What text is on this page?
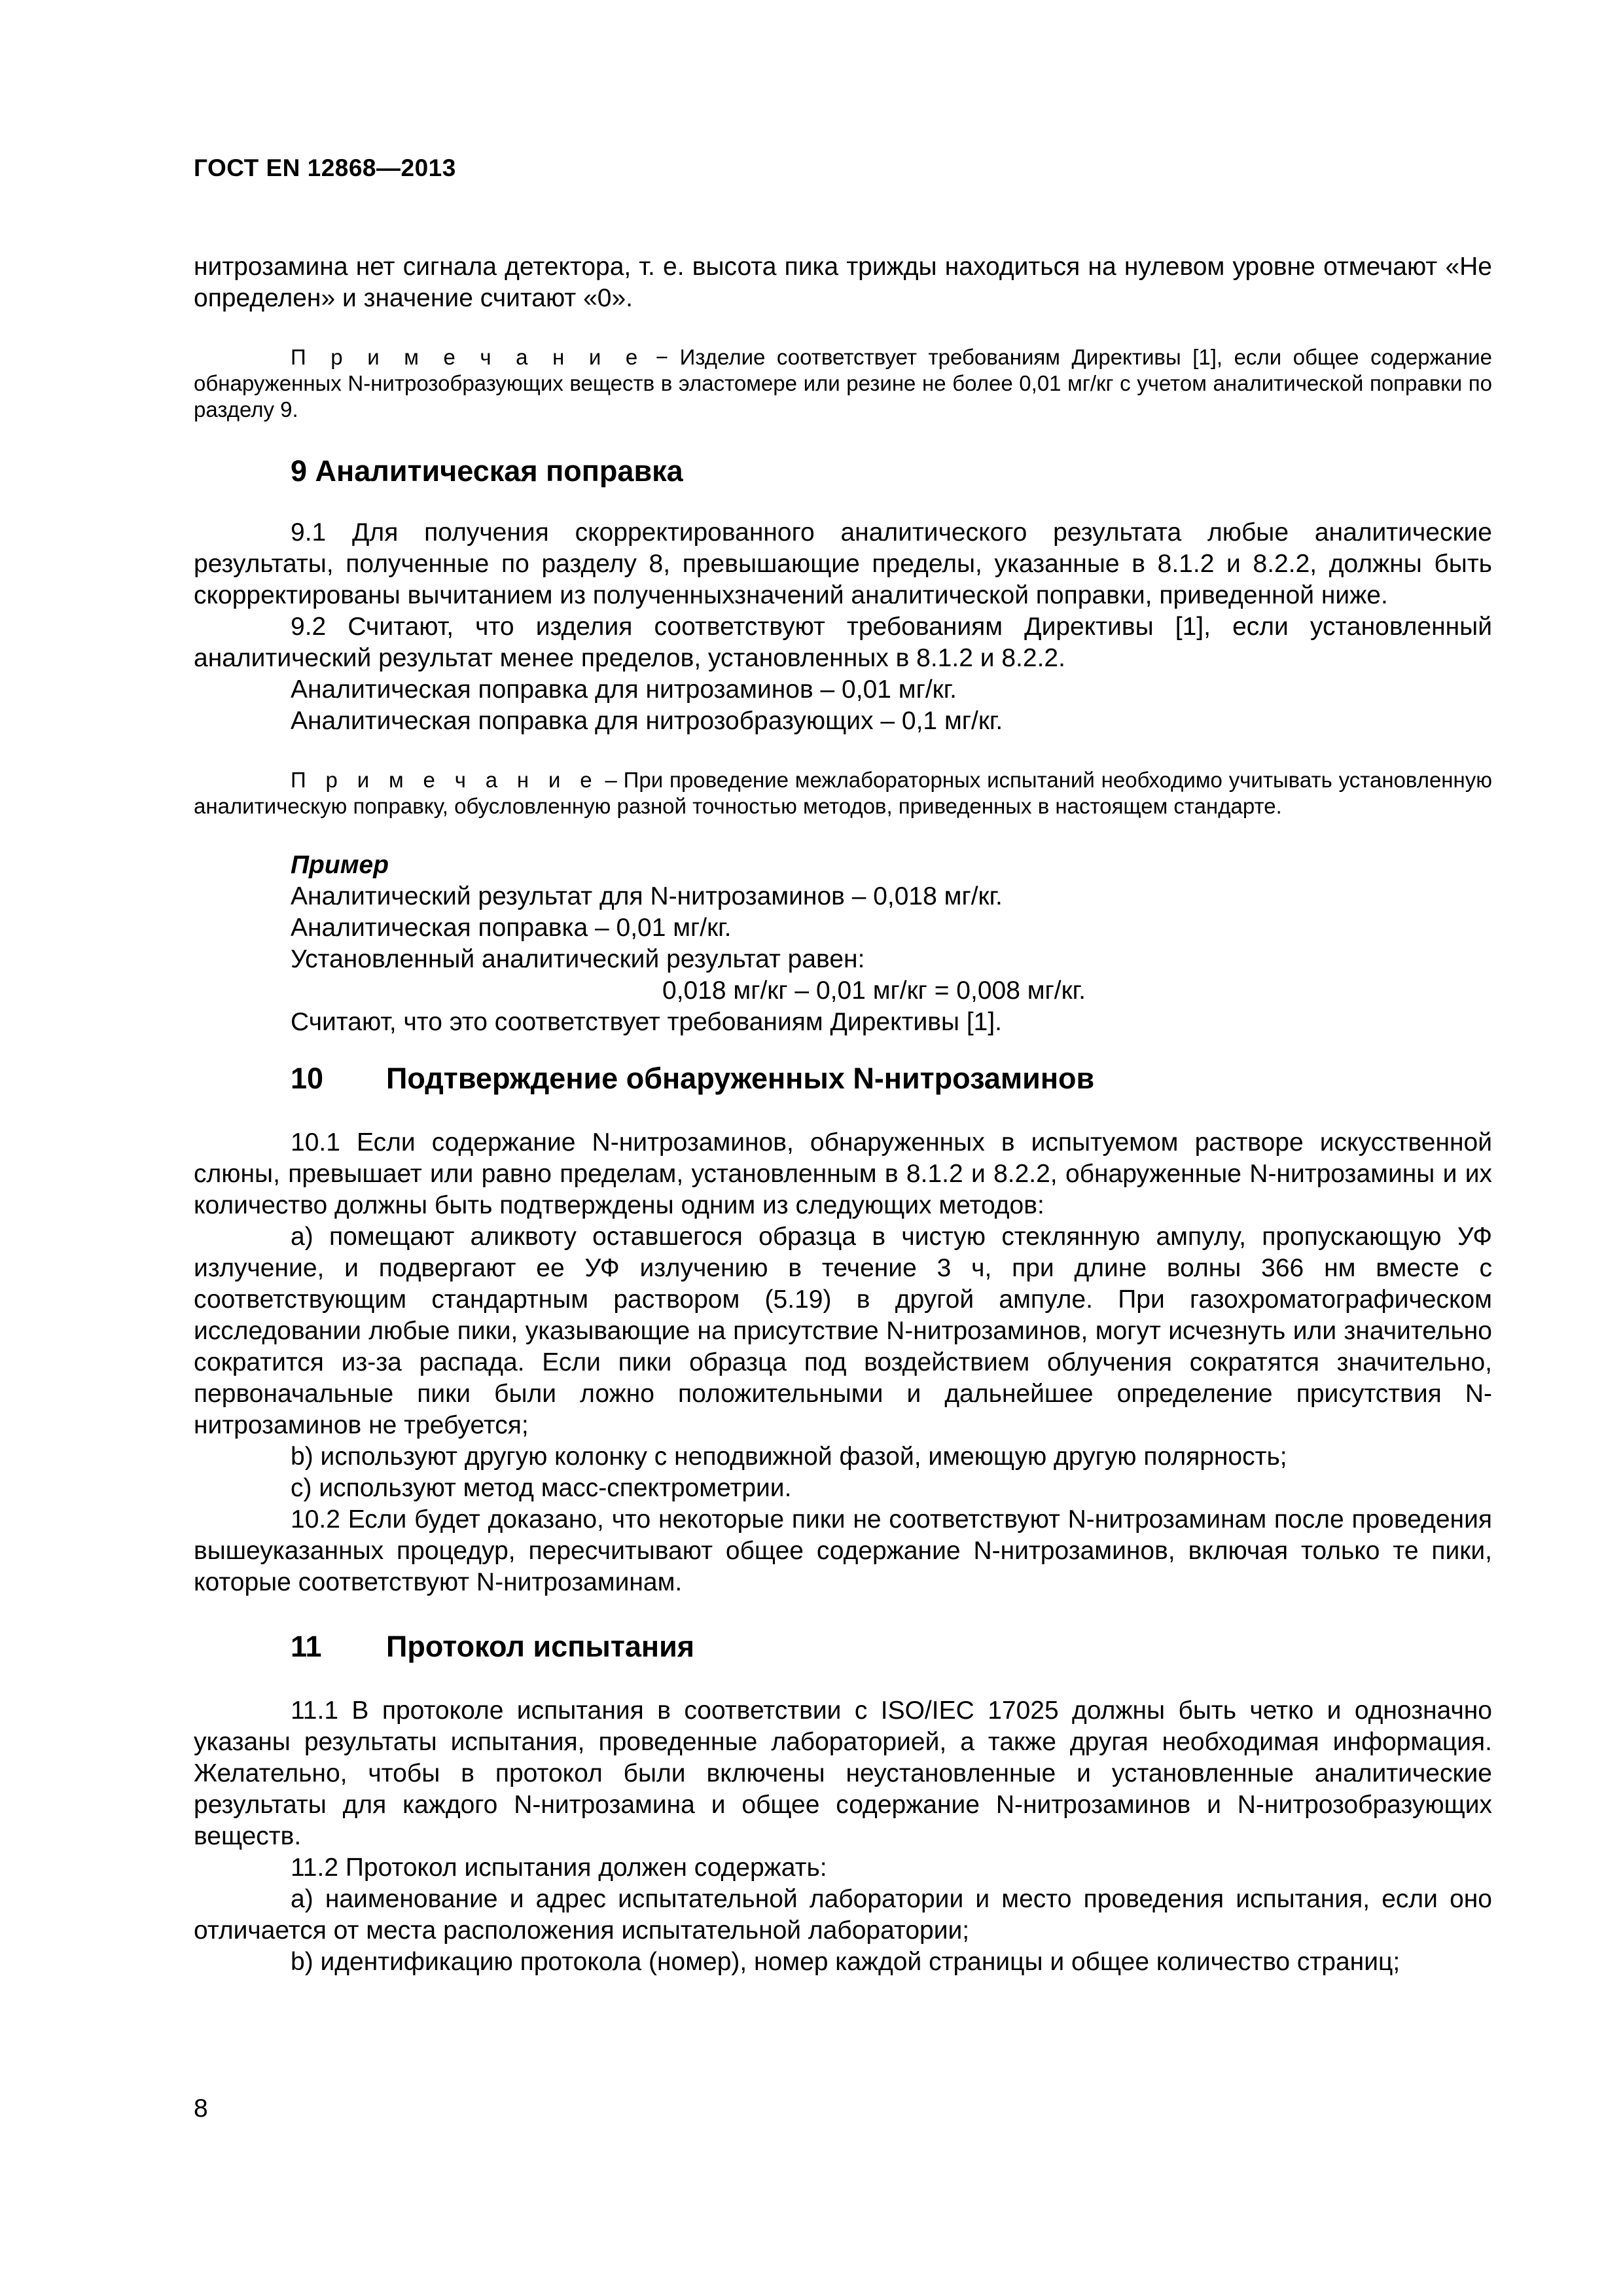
ГОСТ EN 12868—2013

нитрозамина нет сигнала детектора, т. е. высота пика трижды находиться на нулевом уровне отмечают «Не определен» и значение считают «0».

П р и м е ч а н и е − Изделие соответствует требованиям Директивы [1], если общее содержание обнаруженных N-нитрозобразующих веществ в эластомере или резине не более 0,01 мг/кг с учетом аналитической поправки по разделу 9.

9 Аналитическая поправка

9.1 Для получения скорректированного аналитического результата любые аналитические результаты, полученные по разделу 8, превышающие пределы, указанные в 8.1.2 и 8.2.2, должны быть скорректированы вычитанием из полученныхзначений аналитической поправки, приведенной ниже.

9.2 Считают, что изделия соответствуют требованиям Директивы [1], если установленный аналитический результат менее пределов, установленных в 8.1.2 и 8.2.2.

Аналитическая поправка для нитрозаминов – 0,01 мг/кг.

Аналитическая поправка для нитрозобразующих – 0,1 мг/кг.

П р и м е ч а н и е – При проведение межлабораторных испытаний необходимо учитывать установленную аналитическую поправку, обусловленную разной точностью методов, приведенных в настоящем стандарте.

Пример

Аналитический результат для N-нитрозаминов – 0,018 мг/кг.

Аналитическая поправка – 0,01 мг/кг.

Установленный аналитический результат равен:

0,018 мг/кг – 0,01 мг/кг = 0,008 мг/кг.

Считают, что это соответствует требованиям Директивы [1].

10	Подтверждение обнаруженных N-нитрозаминов

10.1 Если содержание N-нитрозаминов, обнаруженных в испытуемом растворе искусственной слюны, превышает или равно пределам, установленным в 8.1.2 и 8.2.2, обнаруженные N-нитрозамины и их количество должны быть подтверждены одним из следующих методов:

а) помещают аликвоту оставшегося образца в чистую стеклянную ампулу, пропускающую УФ излучение, и подвергают ее УФ излучению в течение 3 ч, при длине волны 366 нм вместе с соответствующим стандартным раствором (5.19) в другой ампуле. При газохроматографическом исследовании любые пики, указывающие на присутствие N-нитрозаминов, могут исчезнуть или значительно сократится из-за распада. Если пики образца под воздействием облучения сократятся значительно, первоначальные пики были ложно положительными и дальнейшее определение присутствия N-нитрозаминов не требуется;

b) используют другую колонку с неподвижной фазой, имеющую другую полярность;

c) используют метод масс-спектрометрии.

10.2 Если будет доказано, что некоторые пики не соответствуют N-нитрозаминам после проведения вышеуказанных процедур, пересчитывают общее содержание N-нитрозаминов, включая только те пики, которые соответствуют N-нитрозаминам.

11	Протокол испытания

11.1 В протоколе испытания в соответствии с ISO/IEC 17025 должны быть четко и однозначно указаны результаты испытания, проведенные лабораторией, а также другая необходимая информация. Желательно, чтобы в протокол были включены неустановленные и установленные аналитические результаты для каждого N-нитрозамина и общее содержание N-нитрозаминов и N-нитрозобразующих веществ.

11.2 Протокол испытания должен содержать:

а) наименование и адрес испытательной лаборатории и место проведения испытания, если оно отличается от места расположения испытательной лаборатории;

b) идентификацию протокола (номер), номер каждой страницы и общее количество страниц;

8
